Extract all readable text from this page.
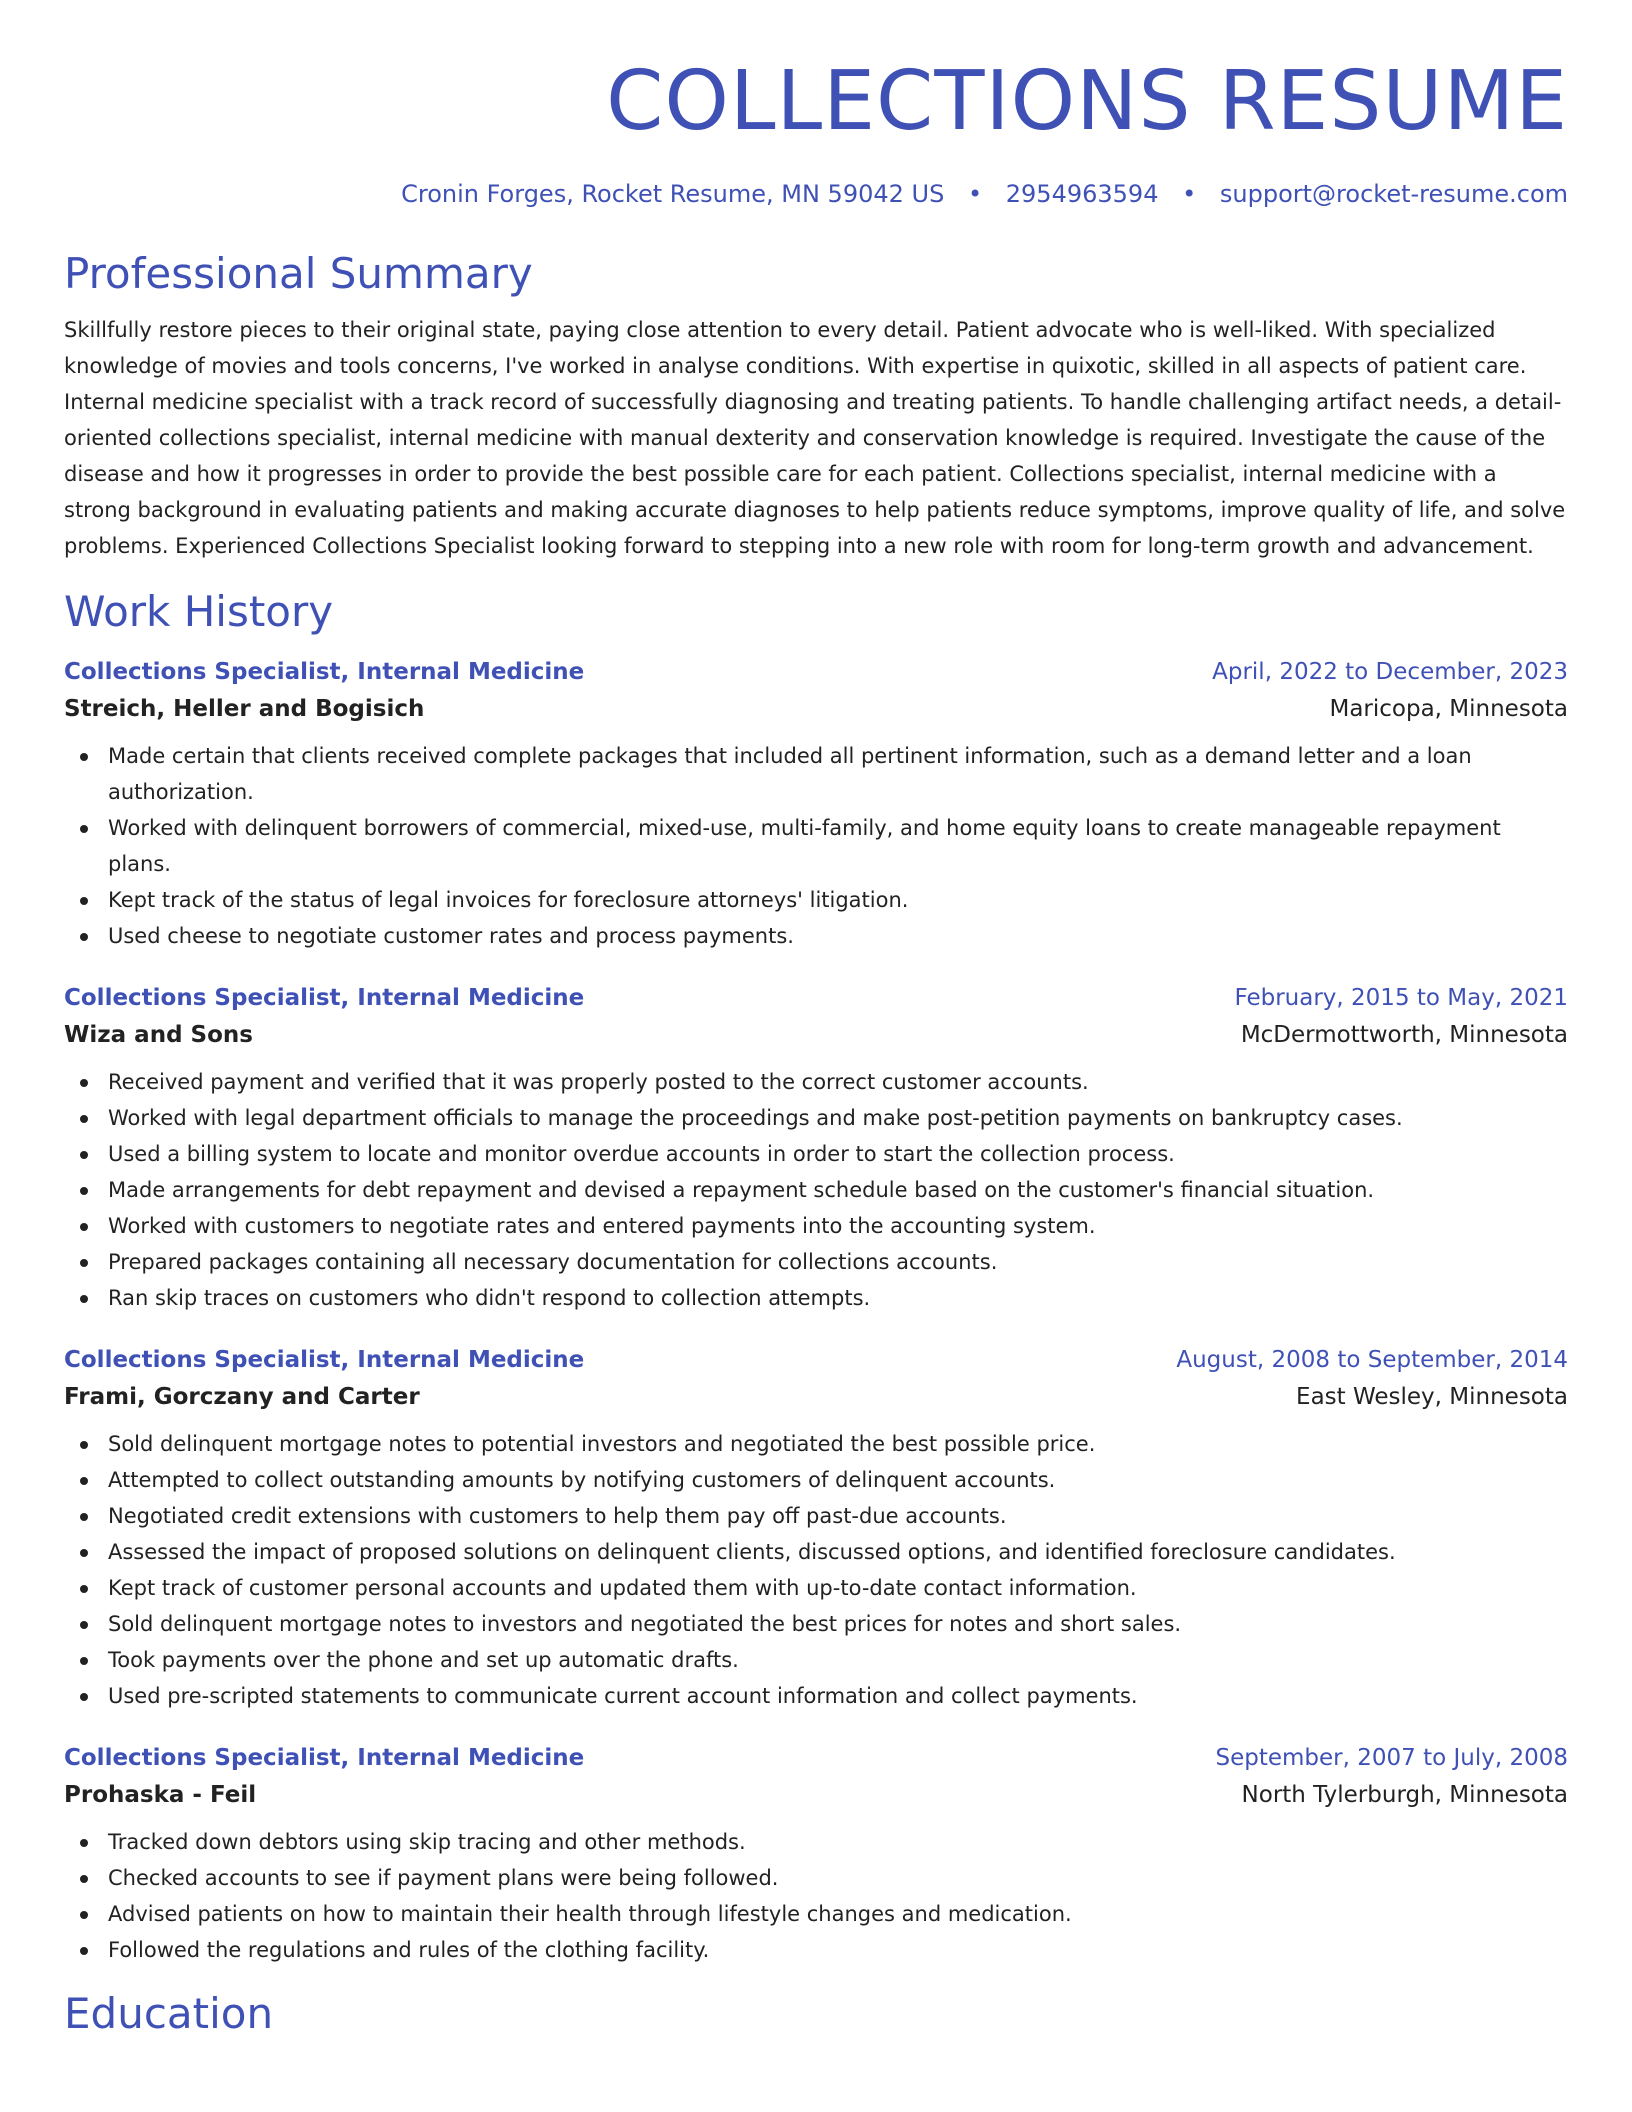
COLLECTIONS RESUME
Cronin Forges, Rocket Resume, MN 59042 US • 2954963594 • support@rocket-resume.com
Professional Summary

Skillfully restore pieces to their original state, paying close attention to every detail. Patient advocate who is well-liked. With specialized knowledge of movies and tools concerns, I've worked in analyse conditions. With expertise in quixotic, skilled in all aspects of patient care. Internal medicine specialist with a track record of successfully diagnosing and treating patients. To handle challenging artifact needs, a detail-oriented collections specialist, internal medicine with manual dexterity and conservation knowledge is required. Investigate the cause of the disease and how it progresses in order to provide the best possible care for each patient. Collections specialist, internal medicine with a strong background in evaluating patients and making accurate diagnoses to help patients reduce symptoms, improve quality of life, and solve problems. Experienced Collections Specialist looking forward to stepping into a new role with room for long-term growth and advancement.

Work History
Collections Specialist, Internal Medicine	April, 2022 to December, 2023
Streich, Heller and Bogisich	Maricopa, Minnesota
Made certain that clients received complete packages that included all pertinent information, such as a demand letter and a loan authorization.
Worked with delinquent borrowers of commercial, mixed-use, multi-family, and home equity loans to create manageable repayment plans.
Kept track of the status of legal invoices for foreclosure attorneys' litigation.
Used cheese to negotiate customer rates and process payments.
Collections Specialist, Internal Medicine	February, 2015 to May, 2021
Wiza and Sons	McDermottworth, Minnesota
Received payment and verified that it was properly posted to the correct customer accounts.
Worked with legal department officials to manage the proceedings and make post-petition payments on bankruptcy cases.
Used a billing system to locate and monitor overdue accounts in order to start the collection process.
Made arrangements for debt repayment and devised a repayment schedule based on the customer's financial situation.
Worked with customers to negotiate rates and entered payments into the accounting system.
Prepared packages containing all necessary documentation for collections accounts.
Ran skip traces on customers who didn't respond to collection attempts.
Collections Specialist, Internal Medicine	August, 2008 to September, 2014
Frami, Gorczany and Carter	East Wesley, Minnesota
Sold delinquent mortgage notes to potential investors and negotiated the best possible price.
Attempted to collect outstanding amounts by notifying customers of delinquent accounts.
Negotiated credit extensions with customers to help them pay off past-due accounts.
Assessed the impact of proposed solutions on delinquent clients, discussed options, and identified foreclosure candidates.
Kept track of customer personal accounts and updated them with up-to-date contact information.
Sold delinquent mortgage notes to investors and negotiated the best prices for notes and short sales.
Took payments over the phone and set up automatic drafts.
Used pre-scripted statements to communicate current account information and collect payments.
Collections Specialist, Internal Medicine	September, 2007 to July, 2008
Prohaska - Feil	North Tylerburgh, Minnesota
Tracked down debtors using skip tracing and other methods.
Checked accounts to see if payment plans were being followed.
Advised patients on how to maintain their health through lifestyle changes and medication.
Followed the regulations and rules of the clothing facility.
Education
